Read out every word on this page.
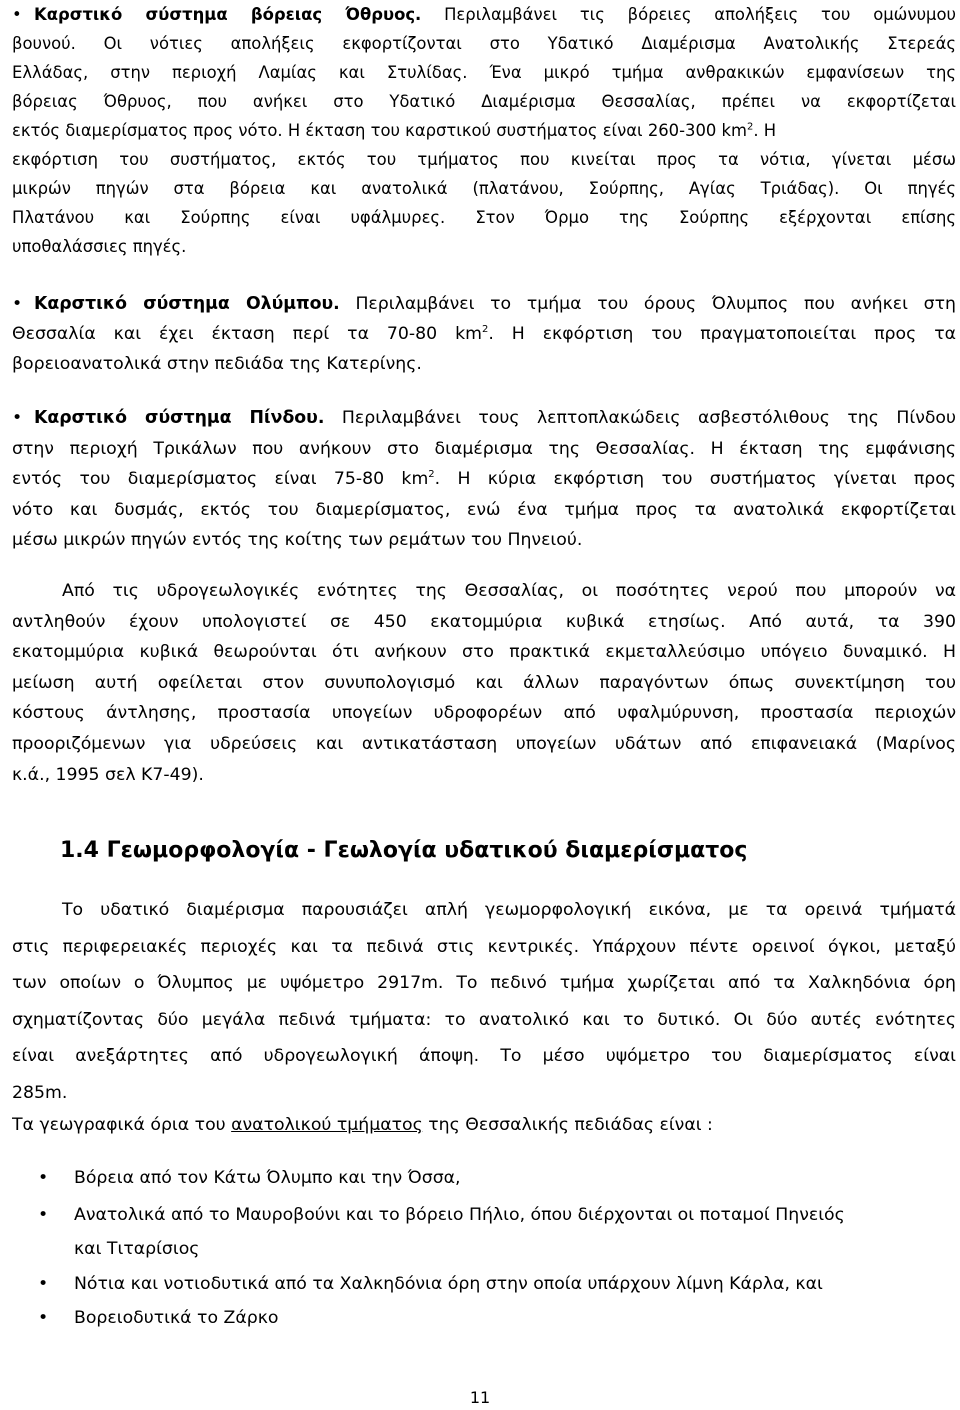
• Καρστικό σύστημα βόρειας Όθρυος. Περιλαμβάνει τις βόρειες απολήξεις του ομώνυμου
βουνού. Οι νότιες απολήξεις εκφορτίζονται στο Υδατικό Διαμέρισμα Ανατολικής Στερεάς
Ελλάδας, στην περιοχή Λαμίας και Στυλίδας. Ένα μικρό τμήμα ανθρακικών εμφανίσεων της
βόρειας Όθρυος, που ανήκει στο Υδατικό Διαμέρισμα Θεσσαλίας, πρέπει να εκφορτίζεται
εκτός διαμερίσματος προς νότο. Η έκταση του καρστικού συστήματος είναι 260-300 $km^2$. Η
εκφόρτιση του συστήματος, εκτός του τμήματος που κινείται προς τα νότια, γίνεται μέσω
μικρών πηγών στα βόρεια και ανατολικά (πλατάνου, Σούρπης, Αγίας Τριάδας). Οι πηγές
Πλατάνου και Σούρπης είναι υφάλμυρες. Στον Όρμο της Σούρπης εξέρχονται επίσης
υποθαλάσσιες πηγές.
• Καρστικό σύστημα Ολύμπου. Περιλαμβάνει το τμήμα του όρους Όλυμπος που ανήκει στη
Θεσσαλία και έχει έκταση περί τα 70-80 $km^2$. Η εκφόρτιση του πραγματοποιείται προς τα
βορειοανατολικά στην πεδιάδα της Κατερίνης.
• Καρστικό σύστημα Πίνδου. Περιλαμβάνει τους λεπτοπλακώδεις ασβεστόλιθους της Πίνδου
στην περιοχή Τρικάλων που ανήκουν στο διαμέρισμα της Θεσσαλίας. Η έκταση της εμφάνισης
εντός του διαμερίσματος είναι 75-80 $km^2$. Η κύρια εκφόρτιση του συστήματος γίνεται προς
νότο και δυσμάς, εκτός του διαμερίσματος, ενώ ένα τμήμα προς τα ανατολικά εκφορτίζεται
μέσω μικρών πηγών εντός της κοίτης των ρεμάτων του Πηνειού.
Από τις υδρογεωλογικές ενότητες της Θεσσαλίας, οι ποσότητες νερού που μπορούν να
αντληθούν έχουν υπολογιστεί σε 450 εκατομμύρια κυβικά ετησίως. Από αυτά, τα 390
εκατομμύρια κυβικά θεωρούνται ότι ανήκουν στο πρακτικά εκμεταλλεύσιμο υπόγειο δυναμικό. Η
μείωση αυτή οφείλεται στον συνυπολογισμό και άλλων παραγόντων όπως συνεκτίμηση του
κόστους άντλησης, προστασία υπογείων υδροφορέων από υφαλμύρυνση, προστασία περιοχών
προοριζόμενων για υδρεύσεις και αντικατάσταση υπογείων υδάτων από επιφανειακά (Μαρίνος
κ.ά., 1995 σελ Κ7-49).
1.4 Γεωμορφολογία - Γεωλογία υδατικού διαμερίσματος
Το υδατικό διαμέρισμα παρουσιάζει απλή γεωμορφολογική εικόνα, με τα ορεινά τμήματά
στις περιφερειακές περιοχές και τα πεδινά στις κεντρικές. Υπάρχουν πέντε ορεινοί όγκοι, μεταξύ
των οποίων ο Όλυμπος με υψόμετρο 2917m. Το πεδινό τμήμα χωρίζεται από τα Χαλκηδόνια όρη
σχηματίζοντας δύο μεγάλα πεδινά τμήματα: το ανατολικό και το δυτικό. Οι δύο αυτές ενότητες
είναι ανεξάρτητες από υδρογεωλογική άποψη. Το μέσο υψόμετρο του διαμερίσματος είναι
285m.
Τα γεωγραφικά όρια του ανατολικού τμήματος της Θεσσαλικής πεδιάδας είναι :
• Βόρεια από τον Κάτω Όλυμπο και την Όσσα,
• Ανατολικά από το Μαυροβούνι και το βόρειο Πήλιο, όπου διέρχονται οι ποταμοί Πηνειός
και Τιταρίσιος
• Νότια και νοτιοδυτικά από τα Χαλκηδόνια όρη στην οποία υπάρχουν λίμνη Κάρλα, και
• Βορειοδυτικά το Ζάρκο
11
